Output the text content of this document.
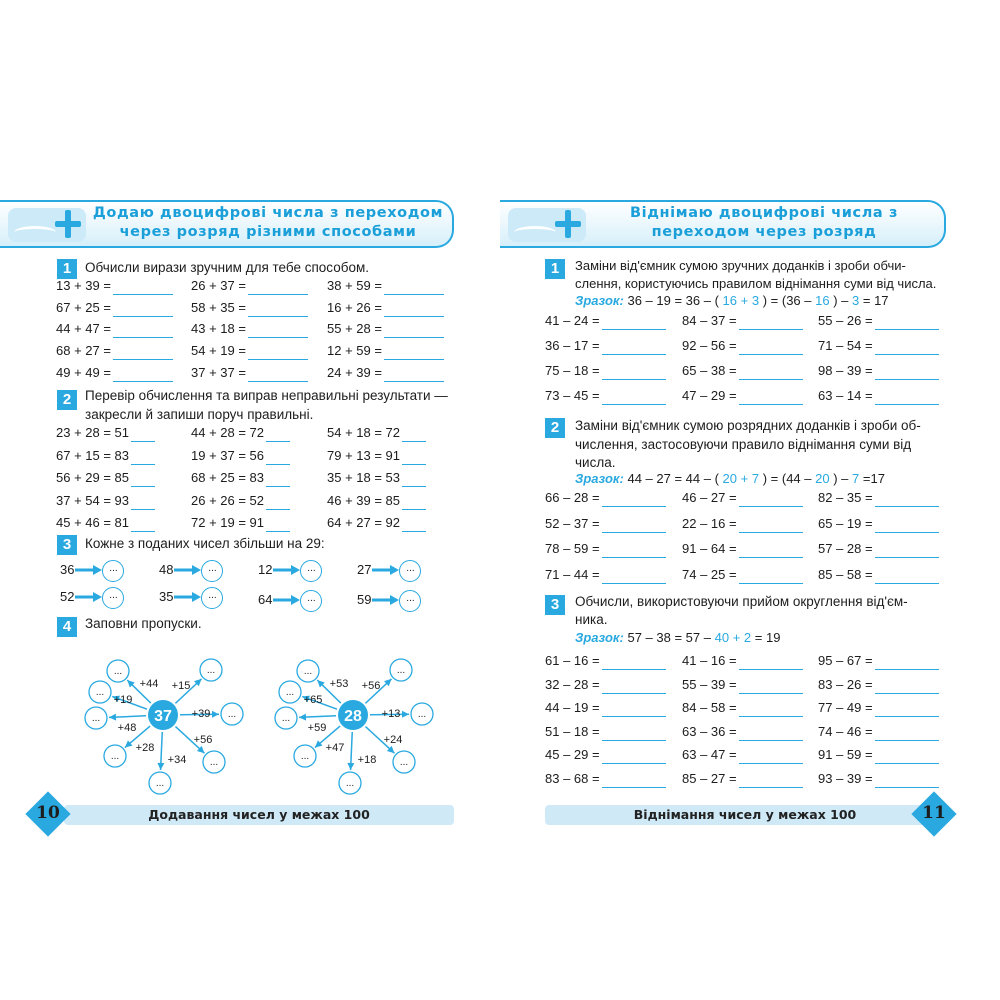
Додаю двоцифрові числа з переходом
через розряд різними способами
1	Обчисли вирази зручним для тебе способом.
13 + 39 =	26 + 37 =	38 + 59 =
67 + 25 =	58 + 35 =	16 + 26 =
44 + 47 =	43 + 18 =	55 + 28 =
68 + 27 =	54 + 19 =	12 + 59 =
49 + 49 =	37 + 37 =	24 + 39 =
2	Перевір обчислення та виправ неправильні результати —
закресли й запиши поруч правильні.
23 + 28 = 51	44 + 28 = 72	54 + 18 = 72
67 + 15 = 83	19 + 37 = 56	79 + 13 = 91
56 + 29 = 85	68 + 25 = 83	35 + 18 = 53
37 + 54 = 93	26 + 26 = 52	46 + 39 = 85
45 + 46 = 81	72 + 19 = 91	64 + 27 = 92
3	Кожне з поданих чисел збільши на 29:
36	...	48	...	12	...	27	...
52	...	35	...	64	...	59	...
4	Заповни пропуски.
...
+44
...
+15
...
+19
...
+39
...
+48
...
+56
...
+28
...
+34
37
...
+53
...
+56
...
+65
...
+13
...
+59
...
+24
...
+47
...
+18
28
Додавання чисел у межах 100
10
Віднімаю двоцифрові числа з
переходом через розряд
1	Заміни від'ємник сумою зручних доданків і зроби обчи-
слення, користуючись правилом віднімання суми від числа.
Зразок: 36 – 19 = 36 – ( 16 + 3 ) = (36 – 16 ) – 3 = 17
41 – 24 =	84 – 37 =	55 – 26 =
36 – 17 =	92 – 56 =	71 – 54 =
75 – 18 =	65 – 38 =	98 – 39 =
73 – 45 =	47 – 29 =	63 – 14 =
2	Заміни від'ємник сумою розрядних доданків і зроби об-
числення, застосовуючи правило віднімання суми від
числа.
Зразок: 44 – 27 = 44 – ( 20 + 7 ) = (44 – 20 ) – 7 =17
66 – 28 =	46 – 27 =	82 – 35 =
52 – 37 =	22 – 16 =	65 – 19 =
78 – 59 =	91 – 64 =	57 – 28 =
71 – 44 =	74 – 25 =	85 – 58 =
3	Обчисли, використовуючи прийом округлення від'єм-
ника.
Зразок: 57 – 38 = 57 – 40 + 2 = 19
61 – 16 =	41 – 16 =	95 – 67 =
32 – 28 =	55 – 39 =	83 – 26 =
44 – 19 =	84 – 58 =	77 – 49 =
51 – 18 =	63 – 36 =	74 – 46 =
45 – 29 =	63 – 47 =	91 – 59 =
83 – 68 =	85 – 27 =	93 – 39 =
Віднімання чисел у межах 100	11
